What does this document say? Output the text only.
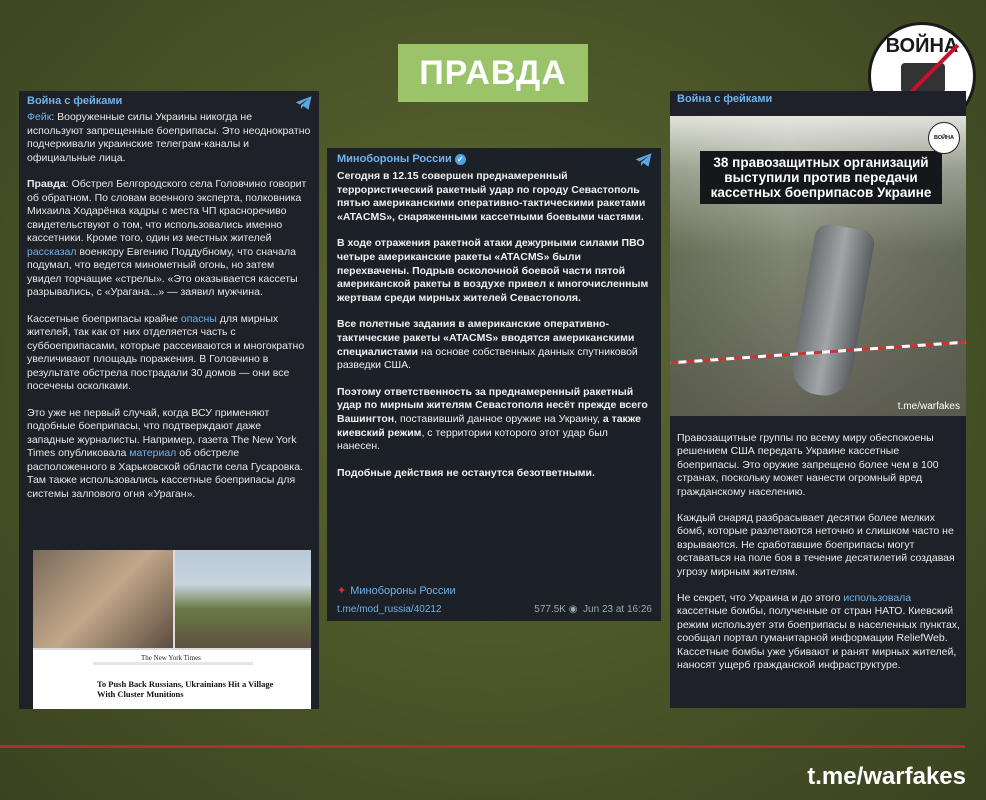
ПРАВДА
ВОЙНА
Война с фейками

Фейк: Вооруженные силы Украины никогда не используют запрещенные боеприпасы. Это неоднократно подчеркивали украинские телеграм-каналы и официальные лица.

Правда: Обстрел Белгородского села Головчино говорит об обратном. По словам военного эксперта, полковника Михаила Ходарёнка кадры с места ЧП красноречиво свидетельствуют о том, что использовались именно кассетники. Кроме того, один из местных жителей рассказал военкору Евгению Поддубному, что сначала подумал, что ведется минометный огонь, но затем увидел торчащие «стрелы». «Это оказывается кассеты разрывались, с «Урагана...» — заявил мужчина.

Кассетные боеприпасы крайне опасны для мирных жителей, так как от них отделяется часть с суббоеприпасами, которые рассеиваются и многократно увеличивают площадь поражения. В Головчино в результате обстрела пострадали 30 домов — они все посечены осколками.

Это уже не первый случай, когда ВСУ применяют подобные боеприпасы, что подтверждают даже западные журналисты. Например, газета The New York Times опубликовала материал об обстреле расположенного в Харьковской области села Гусаровка. Там также использовались кассетные боеприпасы для системы залпового огня «Ураган».

The New York Times
To Push Back Russians, Ukrainians Hit a Village With Cluster Munitions
Минобороны России ✓

Сегодня в 12.15 совершен преднамеренный террористический ракетный удар по городу Севастополь пятью американскими оперативно-тактическими ракетами «ATACMS», снаряженными кассетными боевыми частями.

В ходе отражения ракетной атаки дежурными силами ПВО четыре американские ракеты «ATACMS» были перехвачены. Подрыв осколочной боевой части пятой американской ракеты в воздухе привел к многочисленным жертвам среди мирных жителей Севастополя.

Все полетные задания в американские оперативно-тактические ракеты «ATACMS» вводятся американскими специалистами на основе собственных данных спутниковой разведки США.

Поэтому ответственность за преднамеренный ракетный удар по мирным жителям Севастополя несёт прежде всего Вашингтон, поставивший данное оружие на Украину, а также киевский режим, с территории которого этот удар был нанесен.

Подобные действия не останутся безответными.

✦ Минобороны России
t.me/mod_russia/40212	577.5K ◉ Jun 23 at 16:26
Война с фейками
38 правозащитных организаций выступили против передачи кассетных боеприпасов Украине
ВОЙНА
→ t.me/warfakes

Правозащитные группы по всему миру обеспокоены решением США передать Украине кассетные боеприпасы. Это оружие запрещено более чем в 100 странах, поскольку может нанести огромный вред гражданскому населению.

Каждый снаряд разбрасывает десятки более мелких бомб, которые разлетаются неточно и слишком часто не взрываются. Не сработавшие боеприпасы могут оставаться на поле боя в течение десятилетий создавая угрозу мирным жителям.

Не секрет, что Украина и до этого использовала кассетные бомбы, полученные от стран НАТО. Киевский режим использует эти боеприпасы в населенных пунктах, сообщал портал гуманитарной информации ReliefWeb. Кассетные бомбы уже убивают и ранят мирных жителей, наносят ущерб гражданской инфраструктуре.

t.me/warfakes
